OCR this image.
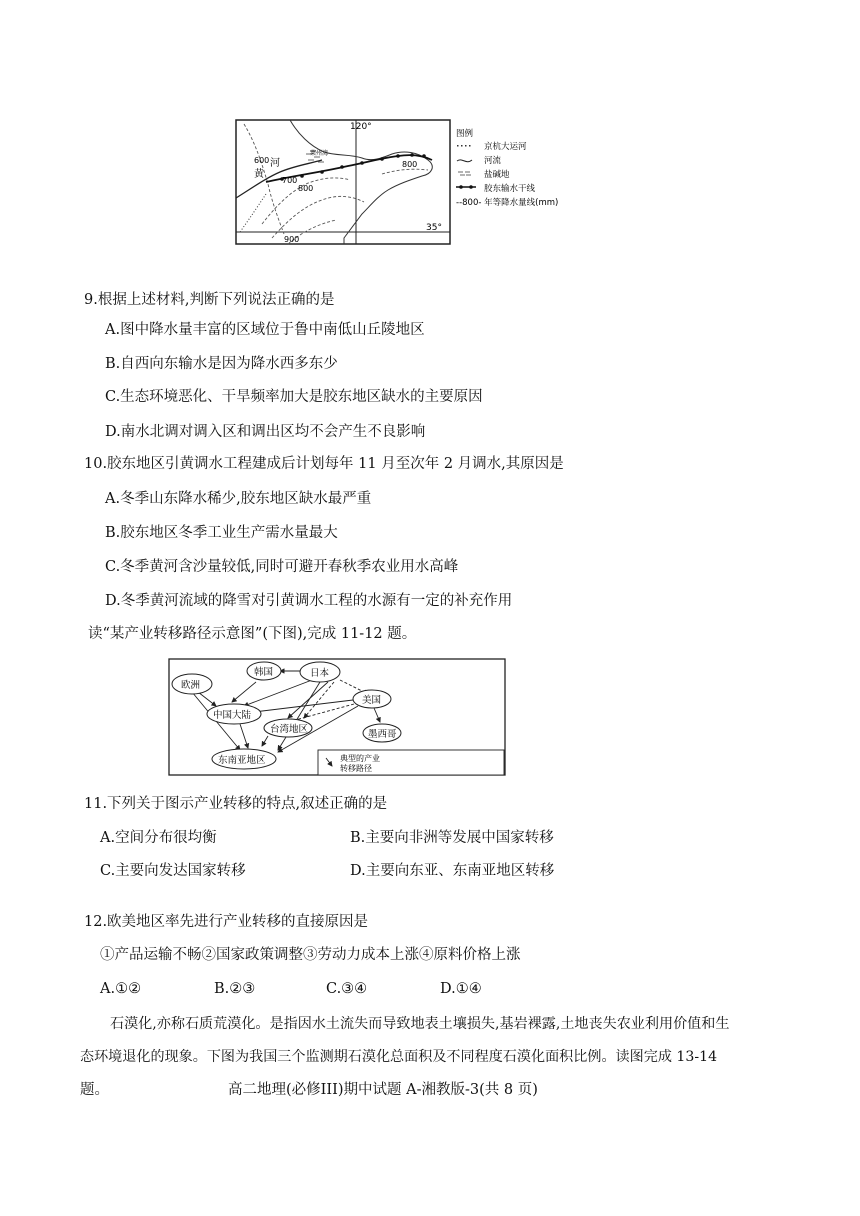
120°
35°
黄
河
莱州湾
600
700
800
800
900
图例
京杭大运河
河流
盐碱地
胶东输水干线
--800- 年等降水量线(mm)
9.根据上述材料,判断下列说法正确的是
A.图中降水量丰富的区域位于鲁中南低山丘陵地区
B.自西向东输水是因为降水西多东少
C.生态环境恶化、干旱频率加大是胶东地区缺水的主要原因
D.南水北调对调入区和调出区均不会产生不良影响
10.胶东地区引黄调水工程建成后计划每年 11 月至次年 2 月调水,其原因是
A.冬季山东降水稀少,胶东地区缺水最严重
B.胶东地区冬季工业生产需水量最大
C.冬季黄河含沙量较低,同时可避开春秋季农业用水高峰
D.冬季黄河流域的降雪对引黄调水工程的水源有一定的补充作用
读“某产业转移路径示意图”(下图),完成 11-12 题。
韩国	日本
欧洲
美国
中国大陆
台湾地区	墨西哥
东南亚地区	典型的产业
转移路径
11.下列关于图示产业转移的特点,叙述正确的是
A.空间分布很均衡	B.主要向非洲等发展中国家转移
C.主要向发达国家转移	D.主要向东亚、东南亚地区转移
12.欧美地区率先进行产业转移的直接原因是
①产品运输不畅②国家政策调整③劳动力成本上涨④原料价格上涨
A.①②	B.②③	C.③④	D.①④
石漠化,亦称石质荒漠化。是指因水土流失而导致地表土壤损失,基岩裸露,土地丧失农业利用价值和生
态环境退化的现象。下图为我国三个监测期石漠化总面积及不同程度石漠化面积比例。读图完成 13-14
题。	高二地理(必修III)期中试题 A-湘教版-3(共 8 页)
